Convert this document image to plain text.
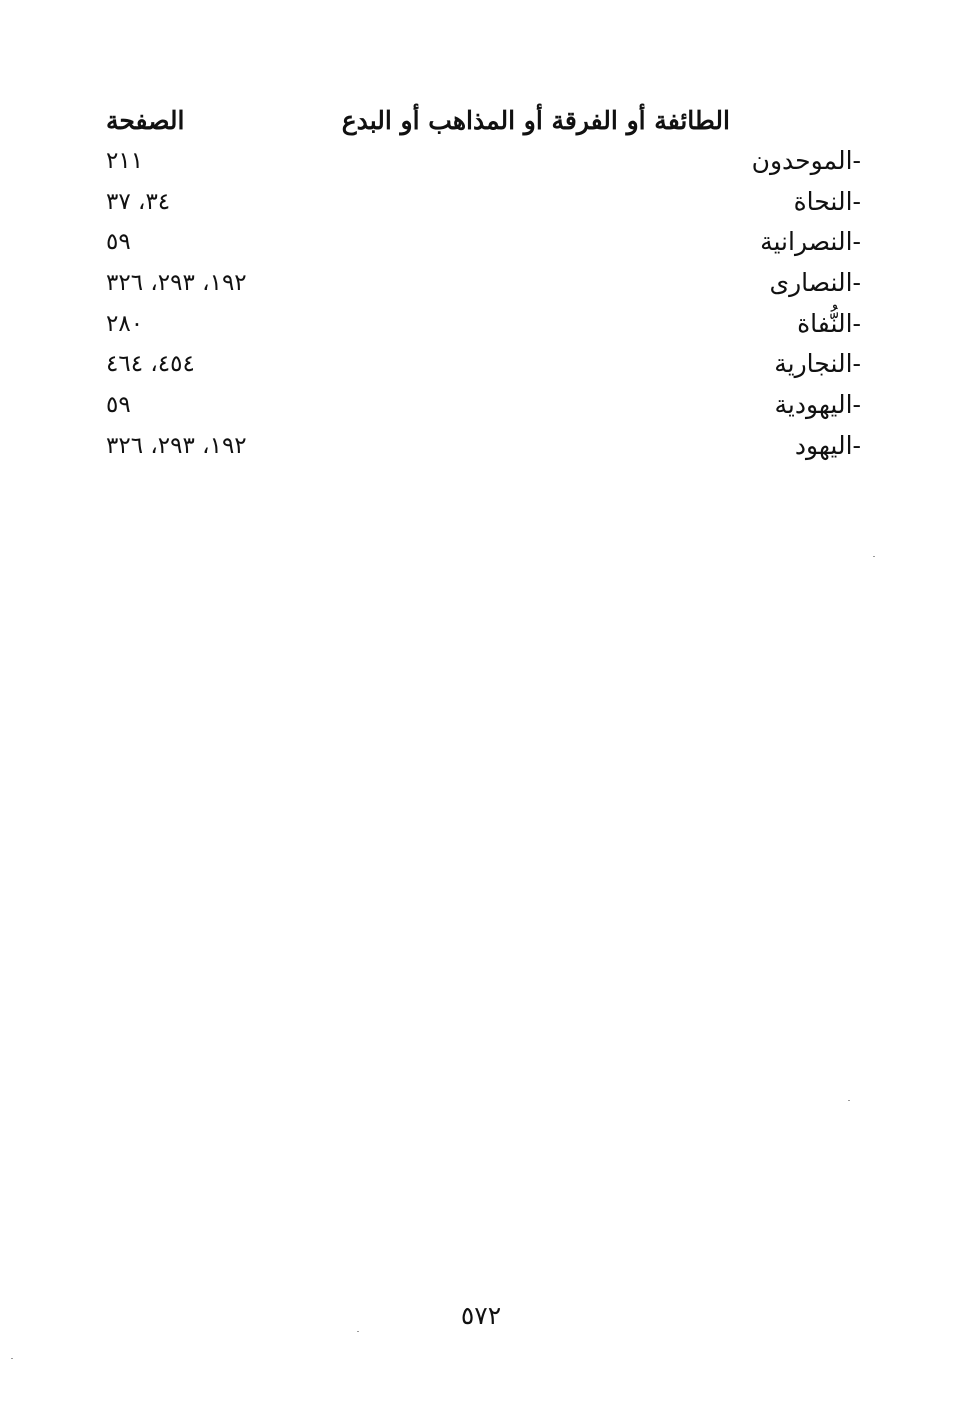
الطائفة أو الفرقة أو المذاهب أو البدع
الصفحة
-الموحدون
٢١١
-النحاة
٣٤، ٣٧
-النصرانية
٥٩
-النصارى
١٩٢، ٢٩٣، ٣٢٦
-النُّفاة
٢٨٠
-النجارية
٤٥٤، ٤٦٤
-اليهودية
٥٩
-اليهود
١٩٢، ٢٩٣، ٣٢٦
٥٧٢
